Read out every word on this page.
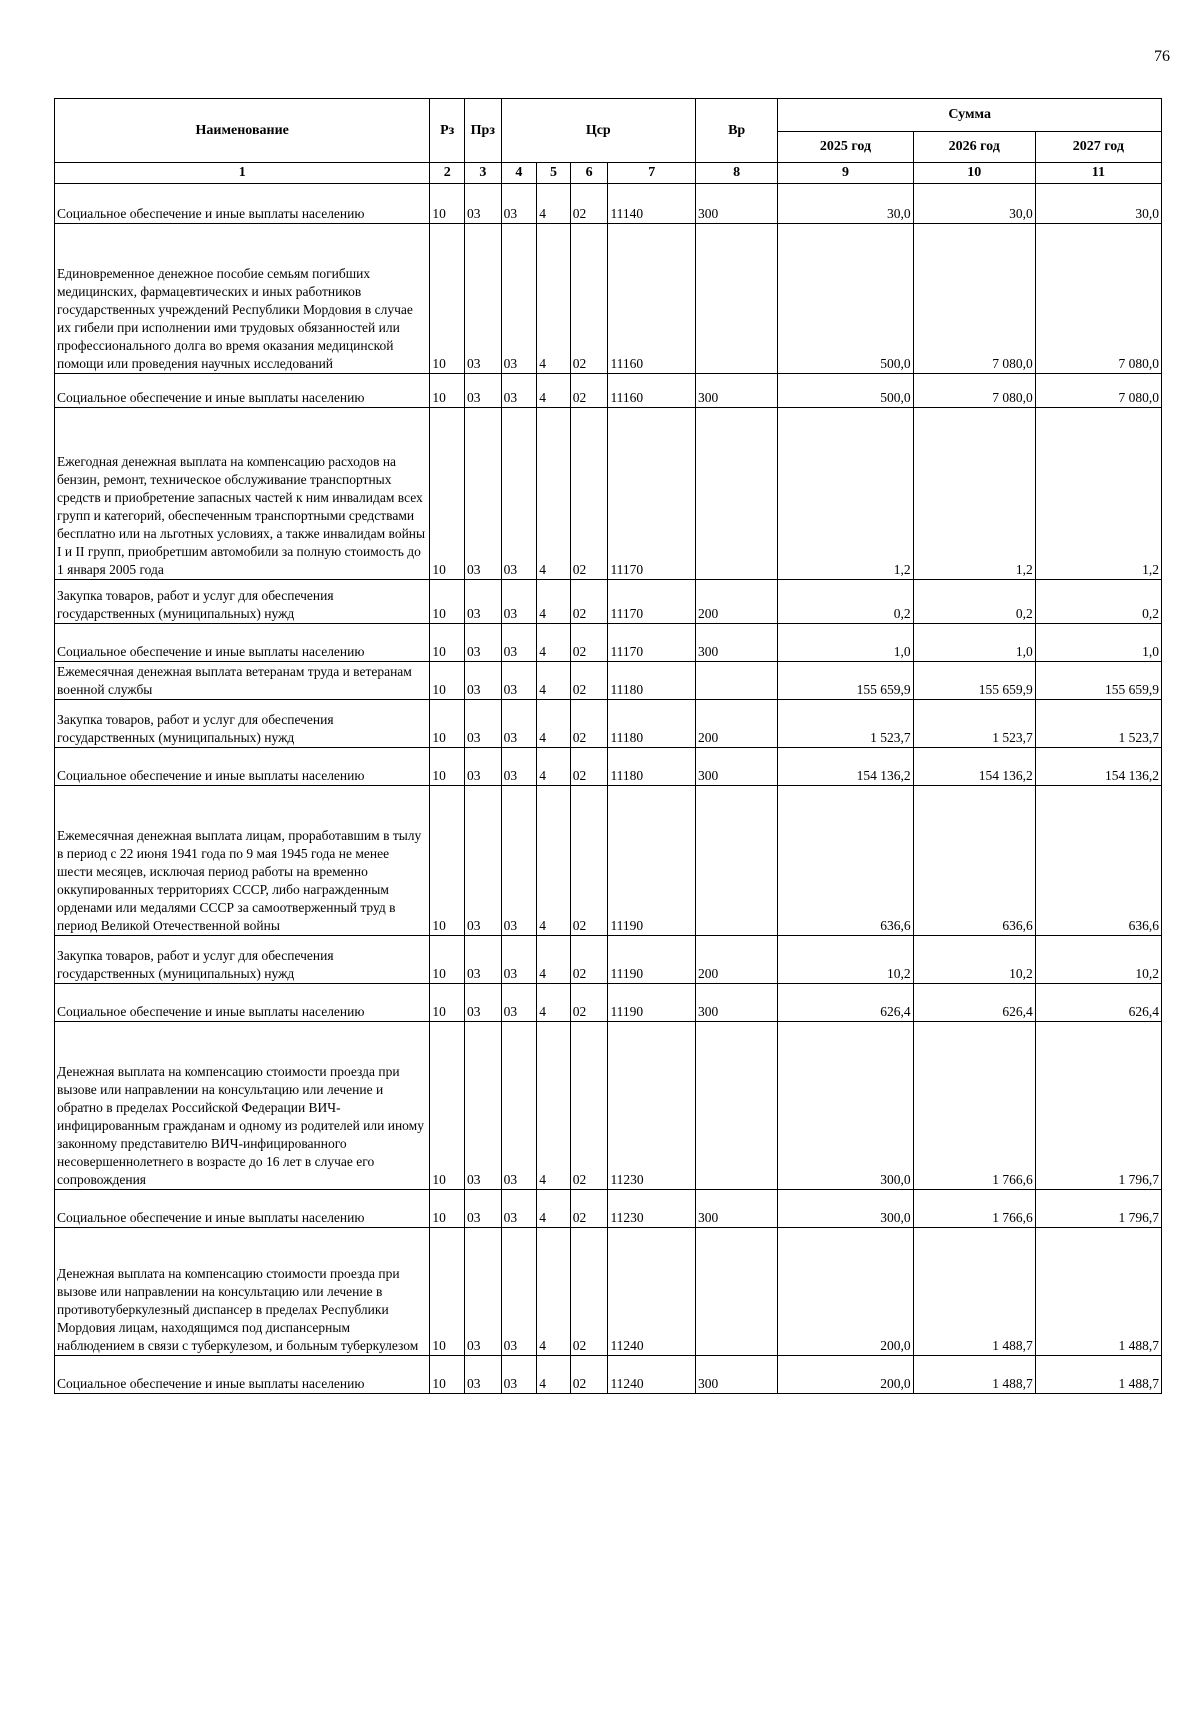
76
Наименование	Рз	Прз	Цср				Вр	Сумма		
								2025 год	2026 год	2027 год
1	2	3	4	5	6	7	8	9	10	11
Социальное обеспечение и иные выплаты населению	10	03	03	4	02	11140	300	30,0	30,0	30,0
Единовременное денежное пособие семьям погибших медицинских, фармацевтических и иных работников государственных учреждений Республики Мордовия в случае их гибели при исполнении ими трудовых обязанностей или профессионального долга во время оказания медицинской помощи или проведения научных исследований	10	03	03	4	02	11160		500,0	7 080,0	7 080,0
Социальное обеспечение и иные выплаты населению	10	03	03	4	02	11160	300	500,0	7 080,0	7 080,0
Ежегодная денежная выплата на компенсацию расходов на бензин, ремонт, техническое обслуживание транспортных средств и приобретение запасных частей к ним инвалидам всех групп и категорий, обеспеченным транспортными средствами бесплатно или на льготных условиях, а также инвалидам войны I и II групп, приобретшим автомобили за полную стоимость до 1 января 2005 года	10	03	03	4	02	11170		1,2	1,2	1,2
Закупка товаров, работ и услуг для обеспечения государственных (муниципальных) нужд	10	03	03	4	02	11170	200	0,2	0,2	0,2
Социальное обеспечение и иные выплаты населению	10	03	03	4	02	11170	300	1,0	1,0	1,0
Ежемесячная денежная выплата ветеранам труда и ветеранам военной службы	10	03	03	4	02	11180		155 659,9	155 659,9	155 659,9
Закупка товаров, работ и услуг для обеспечения государственных (муниципальных) нужд	10	03	03	4	02	11180	200	1 523,7	1 523,7	1 523,7
Социальное обеспечение и иные выплаты населению	10	03	03	4	02	11180	300	154 136,2	154 136,2	154 136,2
Ежемесячная денежная выплата лицам, проработавшим в тылу в период с 22 июня 1941 года по 9 мая 1945 года не менее шести месяцев, исключая период работы на временно оккупированных территориях СССР, либо награжденным орденами или медалями СССР за самоотверженный труд в период Великой Отечественной войны	10	03	03	4	02	11190		636,6	636,6	636,6
Закупка товаров, работ и услуг для обеспечения государственных (муниципальных) нужд	10	03	03	4	02	11190	200	10,2	10,2	10,2
Социальное обеспечение и иные выплаты населению	10	03	03	4	02	11190	300	626,4	626,4	626,4
Денежная выплата на компенсацию стоимости проезда при вызове или направлении на консультацию или лечение и обратно в пределах Российской Федерации ВИЧ-инфицированным гражданам и одному из родителей или иному законному представителю ВИЧ-инфицированного несовершеннолетнего в возрасте до 16 лет в случае его сопровождения	10	03	03	4	02	11230		300,0	1 766,6	1 796,7
Социальное обеспечение и иные выплаты населению	10	03	03	4	02	11230	300	300,0	1 766,6	1 796,7
Денежная выплата на компенсацию стоимости проезда при вызове или направлении на консультацию или лечение в противотуберкулезный диспансер в пределах Республики Мордовия лицам, находящимся под диспансерным наблюдением в связи с туберкулезом, и больным туберкулезом	10	03	03	4	02	11240		200,0	1 488,7	1 488,7
Социальное обеспечение и иные выплаты населению	10	03	03	4	02	11240	300	200,0	1 488,7	1 488,7
